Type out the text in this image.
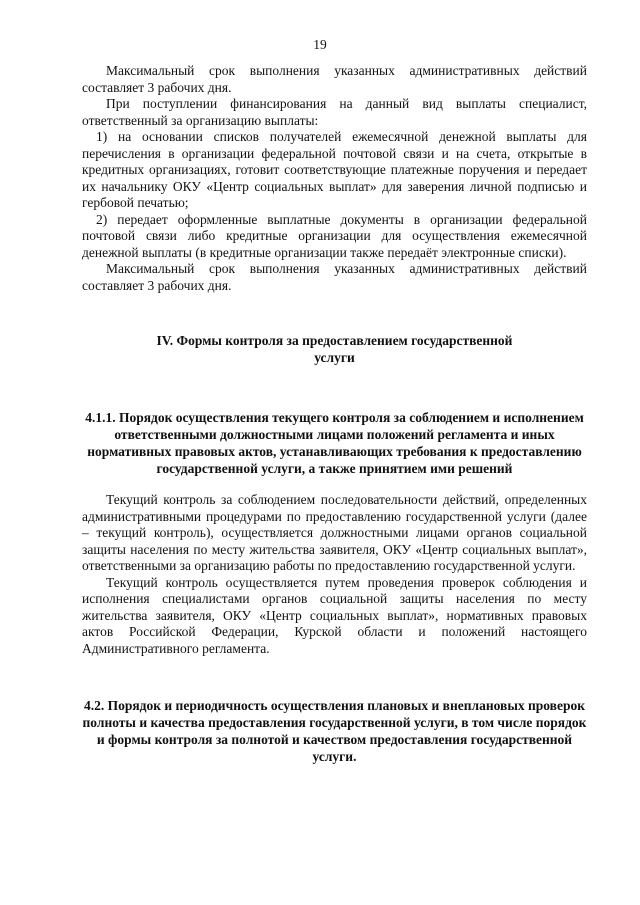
19

Максимальный срок выполнения указанных административных действий составляет 3 рабочих дня.

При поступлении финансирования на данный вид выплаты специалист, ответственный за организацию выплаты:

1) на основании списков получателей ежемесячной денежной выплаты для перечисления в организации федеральной почтовой связи и на счета, открытые в кредитных организациях, готовит соответствующие платежные поручения и передает их начальнику ОКУ «Центр социальных выплат» для заверения личной подписью и гербовой печатью;

2) передает оформленные выплатные документы в организации федеральной почтовой связи либо кредитные организации для осуществления ежемесячной денежной выплаты (в кредитные организации также передаёт электронные списки).

Максимальный срок выполнения указанных административных действий составляет 3 рабочих дня.

IV. Формы контроля за предоставлением государственной
услуги

4.1.1. Порядок осуществления текущего контроля за соблюдением и исполнением ответственными должностными лицами положений регламента и иных нормативных правовых актов, устанавливающих требования к предоставлению государственной услуги, а также принятием ими решений

Текущий контроль за соблюдением последовательности действий, определенных административными процедурами по предоставлению государственной услуги (далее – текущий контроль), осуществляется должностными лицами органов социальной защиты населения по месту жительства заявителя, ОКУ «Центр социальных выплат», ответственными за организацию работы по предоставлению государственной услуги.

Текущий контроль осуществляется путем проведения проверок соблюдения и исполнения специалистами органов социальной защиты населения по месту жительства заявителя, ОКУ «Центр социальных выплат», нормативных правовых актов Российской Федерации, Курской области и положений настоящего Административного регламента.

4.2. Порядок и периодичность осуществления плановых и внеплановых проверок полноты и качества предоставления государственной услуги, в том числе порядок и формы контроля за полнотой и качеством предоставления государственной услуги.
